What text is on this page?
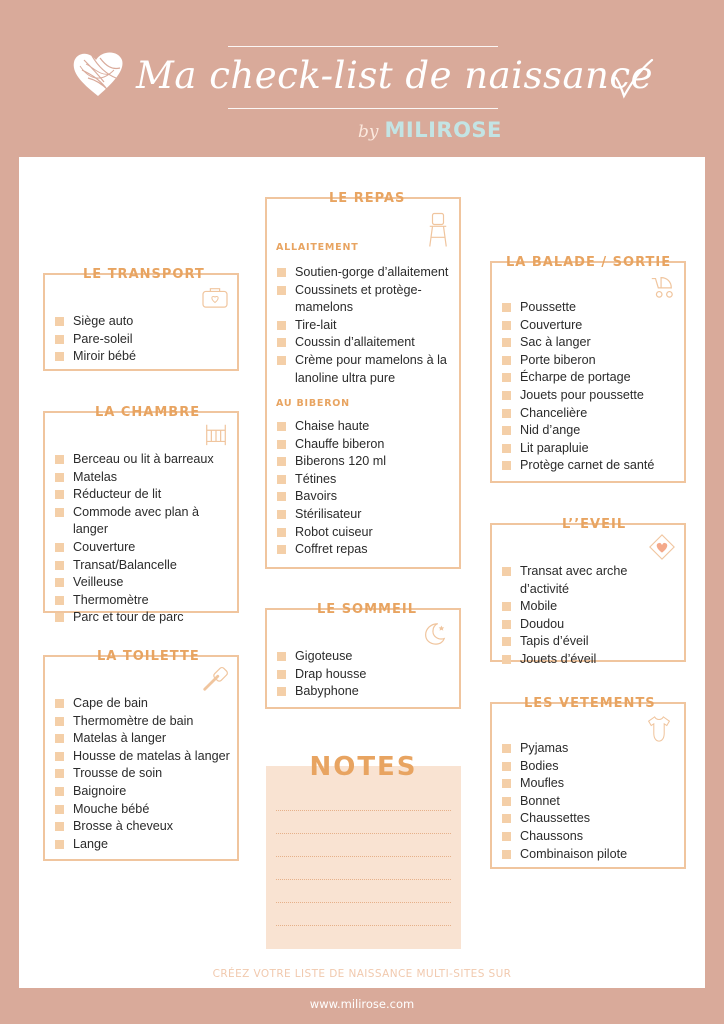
Ma check-list de naissance
by MILIROSE
LE TRANSPORT
Siège auto
Pare-soleil
Miroir bébé
LA CHAMBRE
Berceau ou lit à barreaux
Matelas
Réducteur de lit
Commode avec plan à langer
Couverture
Transat/Balancelle
Veilleuse
Thermomètre
Parc et tour de parc
LA TOILETTE
Cape de bain
Thermomètre de bain
Matelas à langer
Housse de matelas à langer
Trousse de soin
Baignoire
Mouche bébé
Brosse à cheveux
Lange
LE REPAS
ALLAITEMENT
Soutien-gorge d’allaitement
Coussinets et protège-mamelons
Tire-lait
Coussin d’allaitement
Crème pour mamelons à la lanoline ultra pure
AU BIBERON
Chaise haute
Chauffe biberon
Biberons 120 ml
Tétines
Bavoirs
Stérilisateur
Robot cuiseur
Coffret repas
LE SOMMEIL
Gigoteuse
Drap housse
Babyphone
LA BALADE / SORTIE
Poussette
Couverture
Sac à langer
Porte biberon
Écharpe de portage
Jouets pour poussette
Chancelière
Nid d’ange
Lit parapluie
Protège carnet de santé
L’’EVEIL
Transat avec arche d’activité
Mobile
Doudou
Tapis d’éveil
Jouets d’éveil
LES VETEMENTS
Pyjamas
Bodies
Moufles
Bonnet
Chaussettes
Chaussons
Combinaison pilote
NOTES
CRÉEZ VOTRE LISTE DE NAISSANCE MULTI-SITES SUR
www.milirose.com
